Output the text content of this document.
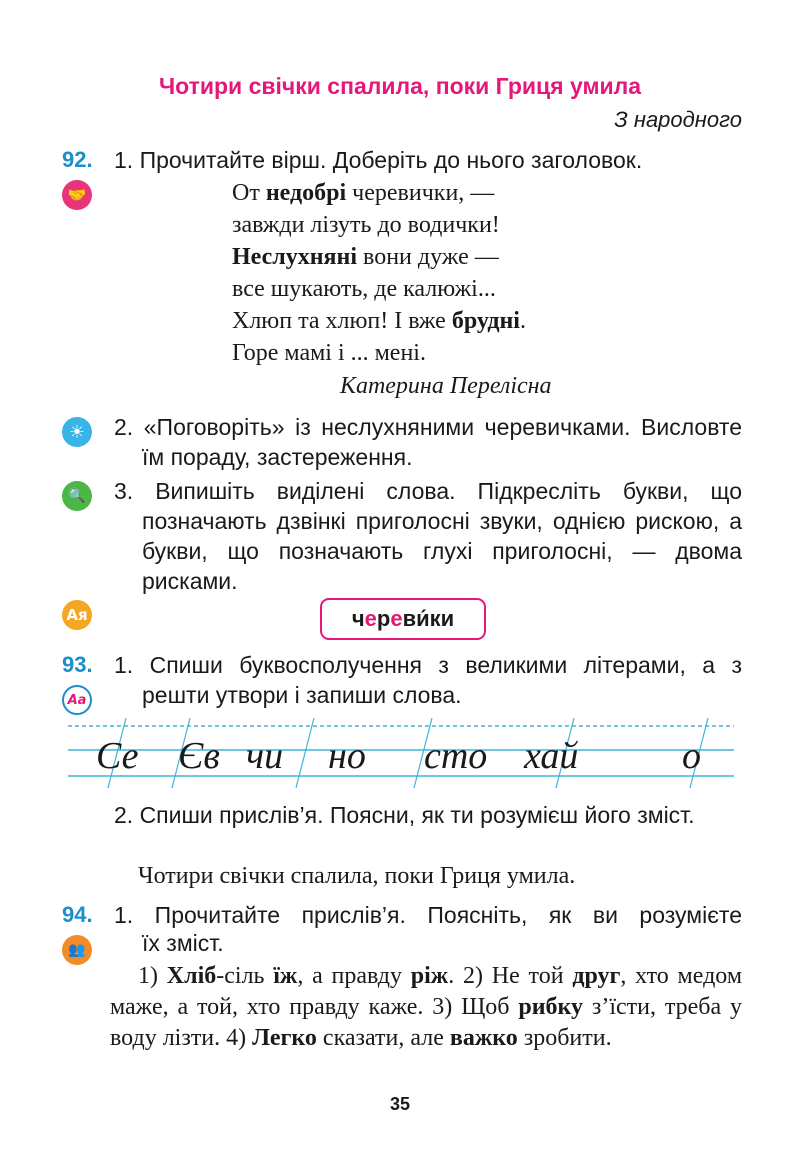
Чотири свічки спалила, поки Гриця умила
З народного
92. 1. Прочитайте вірш. Доберіть до нього заголовок.
🤝	От недобрі черевички, —
завжди лізуть до водички!
Неслухняні вони дуже —
все шукають, де калюжі...
Хлюп та хлюп! І вже брудні.
Горе мамі і ... мені.
Катерина Перелісна
☀	2. «Поговоріть» із неслухняними черевичками. Висловте їм пораду, застереження.
🔍 3. Випишіть виділені слова. Підкресліть букви, що позначають дзвінкі приголосні звуки, однією рискою, а букви, що позначають глухі приголосні, — двома рисками.
Ая	ч е р е ви́ ки
93. 1. Спиши буквосполучення з великими літерами, а з решти утвори і запиши слова.
Аа
Се Єв чи но сто хай	о
2. Спиши прислів’я. Поясни, як ти розумієш його зміст.
Чотири свічки спалила, поки Гриця умила.
94. 1. Прочитайте прислів’я. Поясніть, як ви розумієте
їх зміст.
👥
1) Хліб-сіль їж, а правду ріж. 2) Не той друг, хто медом маже, а той, хто правду каже. 3) Щоб рибку з’їсти, треба у воду лізти. 4) Легко сказати, але важко зробити.
35
